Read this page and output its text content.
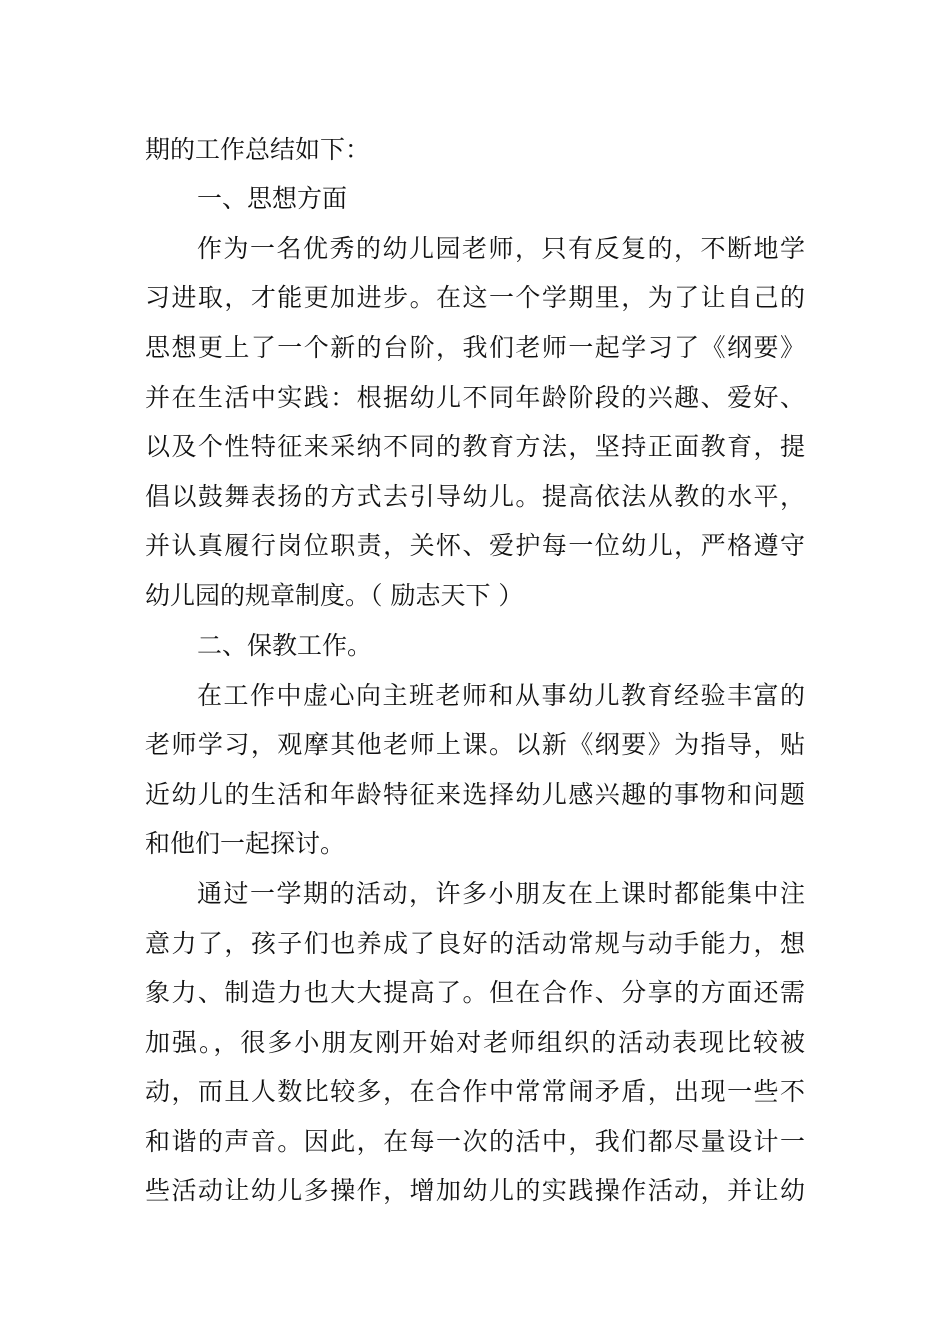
期的工作总结如下：
一、思想方面
作为一名优秀的幼儿园老师，只有反复的，不断地学
习进取，才能更加进步。在这一个学期里，为了让自己的
思想更上了一个新的台阶，我们老师一起学习了《纲要》
并在生活中实践：根据幼儿不同年龄阶段的兴趣、爱好、
以及个性特征来采纳不同的教育方法，坚持正面教育，提
倡以鼓舞表扬的方式去引导幼儿。提高依法从教的水平，
并认真履行岗位职责，关怀、爱护每一位幼儿，严格遵守
幼儿园的规章制度。（ 励志天下 ）
二、保教工作。
在工作中虚心向主班老师和从事幼儿教育经验丰富的
老师学习，观摩其他老师上课。以新《纲要》为指导，贴
近幼儿的生活和年龄特征来选择幼儿感兴趣的事物和问题
和他们一起探讨。
通过一学期的活动，许多小朋友在上课时都能集中注
意力了，孩子们也养成了良好的活动常规与动手能力，想
象力、制造力也大大提高了。但在合作、分享的方面还需
加强。，很多小朋友刚开始对老师组织的活动表现比较被
动，而且人数比较多，在合作中常常闹矛盾，出现一些不
和谐的声音。因此，在每一次的活中，我们都尽量设计一
些活动让幼儿多操作，增加幼儿的实践操作活动，并让幼
